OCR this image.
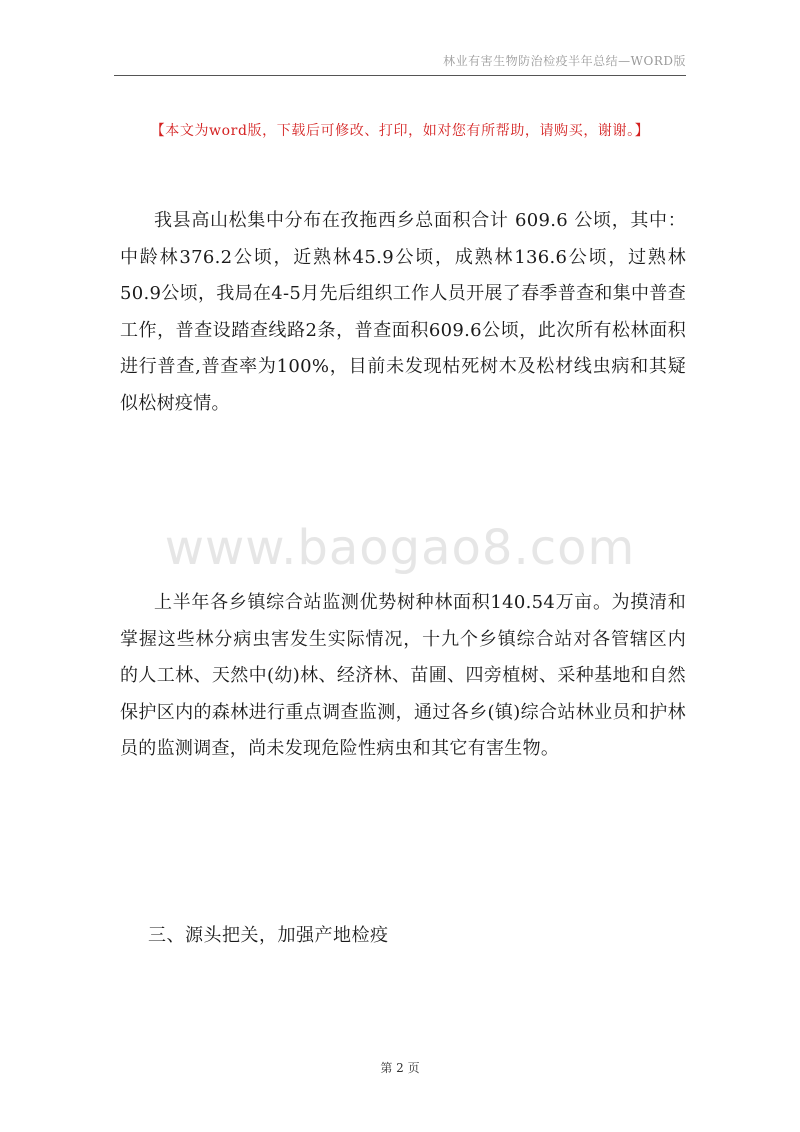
林业有害生物防治检疫半年总结—WORD版
【本文为word版，下载后可修改、打印，如对您有所帮助，请购买，谢谢。】

我县高山松集中分布在孜拖西乡总面积合计 609.6 公顷，其中：中龄林376.2公顷，近熟林45.9公顷，成熟林136.6公顷，过熟林50.9公顷，我局在4-5月先后组织工作人员开展了春季普查和集中普查工作，普查设踏查线路2条，普查面积609.6公顷，此次所有松林面积进行普查,普查率为100%，目前未发现枯死树木及松材线虫病和其疑似松树疫情。

www.baogao8.com

上半年各乡镇综合站监测优势树种林面积140.54万亩。为摸清和掌握这些林分病虫害发生实际情况，十九个乡镇综合站对各管辖区内的人工林、天然中(幼)林、经济林、苗圃、四旁植树、采种基地和自然保护区内的森林进行重点调查监测，通过各乡(镇)综合站林业员和护林员的监测调查，尚未发现危险性病虫和其它有害生物。

三、源头把关，加强产地检疫

第 2 页
